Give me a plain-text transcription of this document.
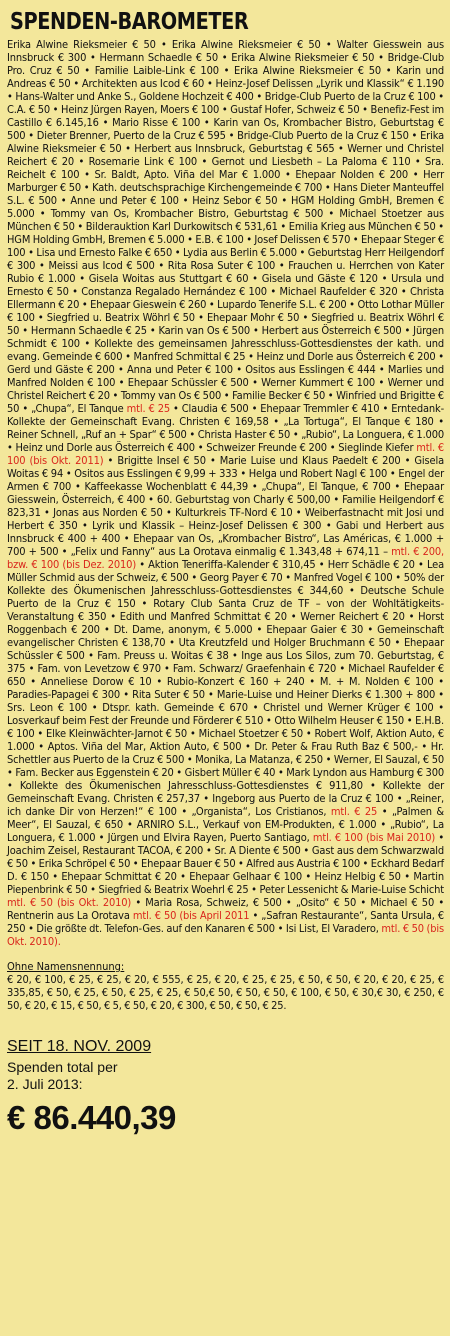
SPENDEN-BAROMETER
Erika Alwine Rieksmeier € 50 • Erika Alwine Rieksmeier € 50 • Walter Giesswein aus Innsbruck € 300 • Hermann Schaedle € 50 • Erika Alwine Rieksmeier € 50 • Bridge-Club Pro. Cruz € 50 • Familie Laible-Link € 100 • Erika Alwine Rieksmeier € 50 • Karin und Andreas € 50 • Architekten aus Icod € 60 • Heinz-Josef Delissen „Lyrik und Klassik“ € 1.190 • Hans-Walter und Anke S., Goldene Hochzeit € 400 • Bridge-Club Puerto de la Cruz € 100 • C.A. € 50 • Heinz Jürgen Rayen, Moers € 100 • Gustaf Hofer, Schweiz € 50 • Benefiz-Fest im Castillo € 6.145,16 • Mario Risse € 100 • Karin van Os, Krombacher Bistro, Geburtstag € 500 • Dieter Brenner, Puerto de la Cruz € 595 • Bridge-Club Puerto de la Cruz € 150 • Erika Alwine Rieksmeier € 50 • Herbert aus Innsbruck, Geburtstag € 565 • Werner und Christel Reichert € 20 • Rosemarie Link € 100 • Gernot und Liesbeth – La Paloma € 110 • Sra. Reichelt € 100 • Sr. Baldt, Apto. Viña del Mar € 1.000 • Ehepaar Nolden € 200 • Herr Marburger € 50 • Kath. deutschsprachige Kirchengemeinde € 700 • Hans Dieter Manteuffel S.L. € 500 • Anne und Peter € 100 • Heinz Sebor € 50 • HGM Holding GmbH, Bremen € 5.000 • Tommy van Os, Krombacher Bistro, Geburtstag € 500 • Michael Stoetzer aus München € 50 • Bilderauktion Karl Durkowitsch € 531,61 • Emilia Krieg aus München € 50 • HGM Holding GmbH, Bremen € 5.000 • E.B. € 100 • Josef Delissen € 570 • Ehepaar Steger € 100 • Lisa und Ernesto Falke € 650 • Lydia aus Berlin € 5.000 • Geburtstag Herr Heilgendorf € 300 • Meissi aus Icod € 500 • Rita Rosa Suter € 100 • Frauchen u. Herrchen von Kater Rubio € 1.000 • Gisela Woitas aus Stuttgart € 60 • Gisela und Gäste € 120 • Ursula und Ernesto € 50 • Constanza Regalado Hernández € 100 • Michael Raufelder € 320 • Christa Ellermann € 20 • Ehepaar Gieswein € 260 • Lupardo Tenerife S.L. € 200 • Otto Lothar Müller € 100 • Siegfried u. Beatrix Wöhrl € 50 • Ehepaar Mohr € 50 • Siegfried u. Beatrix Wöhrl € 50 • Hermann Schaedle € 25 • Karin van Os € 500 • Herbert aus Österreich € 500 • Jürgen Schmidt € 100 • Kollekte des gemeinsamen Jahresschluss-Gottesdienstes der kath. und evang. Gemeinde € 600 • Manfred Schmittal € 25 • Heinz und Dorle aus Österreich € 200 • Gerd und Gäste € 200 • Anna und Peter € 100 • Ositos aus Esslingen € 444 • Marlies und Manfred Nolden € 100 • Ehepaar Schüssler € 500 • Werner Kummert € 100 • Werner und Christel Reichert € 20 • Tommy van Os € 500 • Familie Becker € 50 • Winfried und Brigitte € 50 • „Chupa“, El Tanque mtl. € 25 • Claudia € 500 • Ehepaar Tremmler € 410 • Erntedank-Kollekte der Gemeinschaft Evang. Christen € 169,58 • „La Tortuga“, El Tanque € 180 • Reiner Schnell, „Ruf an + Spar“ € 500 • Christa Haster € 50 • „Rubio“, La Longuera, € 1.000 • Heinz und Dorle aus Österreich € 400 • Schweizer Freunde € 200 • Sieglinde Kiefer mtl. € 100 (bis Okt. 2011) • Brigitte Insel € 50 • Marie Luise und Klaus Paedelt € 200 • Gisela Woitas € 94 • Ositos aus Esslingen € 9,99 + 333 • Helga und Robert Nagl € 100 • Engel der Armen € 700 • Kaffeekasse Wochenblatt € 44,39 • „Chupa“, El Tanque, € 700 • Ehepaar Giesswein, Österreich, € 400 • 60. Geburtstag von Charly € 500,00 • Familie Heilgendorf € 823,31 • Jonas aus Norden € 50 • Kulturkreis TF-Nord € 10 • Weiberfastnacht mit Josi und Herbert € 350 • Lyrik und Klassik – Heinz-Josef Delissen € 300 • Gabi und Herbert aus Innsbruck € 400 + 400 • Ehepaar van Os, „Krombacher Bistro“, Las Américas, € 1.000 + 700 + 500 • „Felix und Fanny“ aus La Orotava einmalig € 1.343,48 + 674,11 – mtl. € 200, bzw. € 100 (bis Dez. 2010) • Aktion Teneriffa-Kalender € 310,45 • Herr Schädle € 20 • Lea Müller Schmid aus der Schweiz, € 500 • Georg Payer € 70 • Manfred Vogel € 100 • 50% der Kollekte des Ökumenischen Jahresschluss-Gottesdienstes € 344,60 • Deutsche Schule Puerto de la Cruz € 150 • Rotary Club Santa Cruz de TF – von der Wohltätigkeits-Veranstaltung € 350 • Edith und Manfred Schmittat € 20 • Werner Reichert € 20 • Horst Roggenbach € 200 • Dt. Dame, anonym, € 5.000 • Ehepaar Gaier € 30 • Gemeinschaft evangelischer Christen € 138,70 • Uta Kreutzfeld und Holger Bruchmann € 50 • Ehepaar Schüssler € 500 • Fam. Preuss u. Woitas € 38 • Inge aus Los Silos, zum 70. Geburtstag, € 375 • Fam. von Levetzow € 970 • Fam. Schwarz/ Graefenhain € 720 • Michael Raufelder € 650 • Anneliese Dorow € 10 • Rubio-Konzert € 160 + 240 • M. + M. Nolden € 100 • Paradies-Papagei € 300 • Rita Suter € 50 • Marie-Luise und Heiner Dierks € 1.300 + 800 • Srs. Leon € 100 • Dtspr. kath. Gemeinde € 670 • Christel und Werner Krüger € 100 • Losverkauf beim Fest der Freunde und Förderer € 510 • Otto Wilhelm Heuser € 150 • E.H.B. € 100 • Elke Kleinwächter-Jarnot € 50 • Michael Stoetzer € 50 • Robert Wolf, Aktion Auto, € 1.000 • Aptos. Viña del Mar, Aktion Auto, € 500 • Dr. Peter & Frau Ruth Baz € 500,- • Hr. Schettler aus Puerto de la Cruz € 500 • Monika, La Matanza, € 250 • Werner, El Sauzal, € 50 • Fam. Becker aus Eggenstein € 20 • Gisbert Müller € 40 • Mark Lyndon aus Hamburg € 300 • Kollekte des Ökumenischen Jahresschluss-Gottesdienstes € 911,80 • Kollekte der Gemeinschaft Evang. Christen € 257,37 • Ingeborg aus Puerto de la Cruz € 100 • „Reiner, ich danke Dir von Herzen!“ € 100 • „Organista“, Los Cristianos, mtl. € 25 • „Palmen & Meer“, El Sauzal, € 650 • ARNIRO S.L., Verkauf von EM-Produkten, € 1.000 • „Rubio“, La Longuera, € 1.000 • Jürgen und Elvira Rayen, Puerto Santiago, mtl. € 100 (bis Mai 2010) • Joachim Zeisel, Restaurant TACOA, € 200 • Sr. A Diente € 500 • Gast aus dem Schwarzwald € 50 • Erika Schröpel € 50 • Ehepaar Bauer € 50 • Alfred aus Austria € 100 • Eckhard Bedarf D. € 150 • Ehepaar Schmittat € 20 • Ehepaar Gelhaar € 100 • Heinz Helbig € 50 • Martin Piepenbrink € 50 • Siegfried & Beatrix Woehrl € 25 • Peter Lessenicht & Marie-Luise Schicht mtl. € 50 (bis Okt. 2010) • Maria Rosa, Schweiz, € 500 • „Osito“ € 50 • Michael € 50 • Rentnerin aus La Orotava mtl. € 50 (bis April 2011 • „Safran Restaurante“, Santa Ursula, € 250 • Die größte dt. Telefon-Ges. auf den Kanaren € 500 • Isi List, El Varadero, mtl. € 50 (bis Okt. 2010).
Ohne Namensnennung:
€ 20, € 100, € 25, € 25, € 20, € 555, € 25, € 20, € 25, € 25, € 50, € 50, € 20, € 20, € 25, € 335,85, € 50, € 25, € 50, € 25, € 25, € 50,€ 50, € 50, € 50, € 100, € 50, € 30,€ 30, € 250, € 50, € 20, € 15, € 50, € 5, € 50, € 20, € 300, € 50, € 50, € 25.
SEIT 18. NOV. 2009
Spenden total per
2. Juli 2013:
€ 86.440,39
